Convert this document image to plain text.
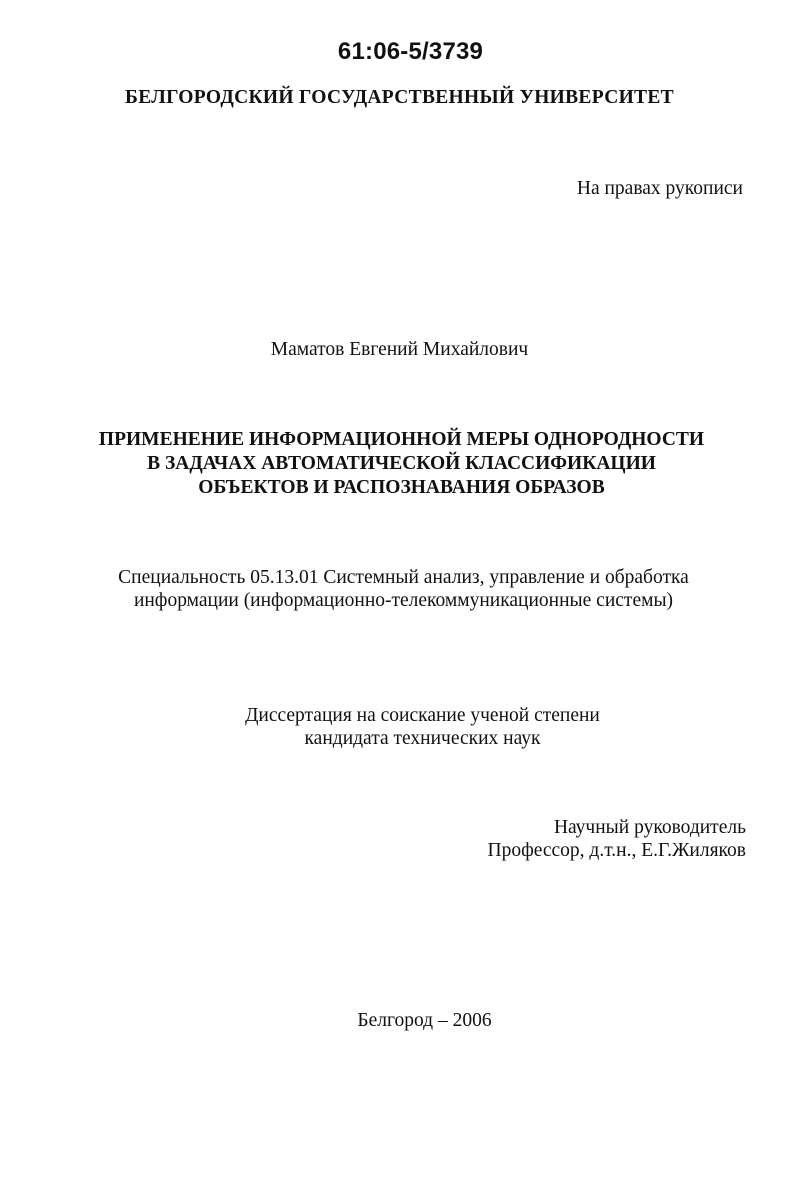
61:06-5/3739
БЕЛГОРОДСКИЙ ГОСУДАРСТВЕННЫЙ УНИВЕРСИТЕТ
На правах рукописи
Маматов Евгений Михайлович
ПРИМЕНЕНИЕ ИНФОРМАЦИОННОЙ МЕРЫ ОДНОРОДНОСТИ
В ЗАДАЧАХ АВТОМАТИЧЕСКОЙ КЛАССИФИКАЦИИ
ОБЪЕКТОВ И РАСПОЗНАВАНИЯ ОБРАЗОВ
Специальность 05.13.01 Системный анализ, управление и обработка
информации (информационно-телекоммуникационные системы)
Диссертация на соискание ученой степени
кандидата технических наук
Научный руководитель
Профессор, д.т.н., Е.Г.Жиляков
Белгород – 2006
